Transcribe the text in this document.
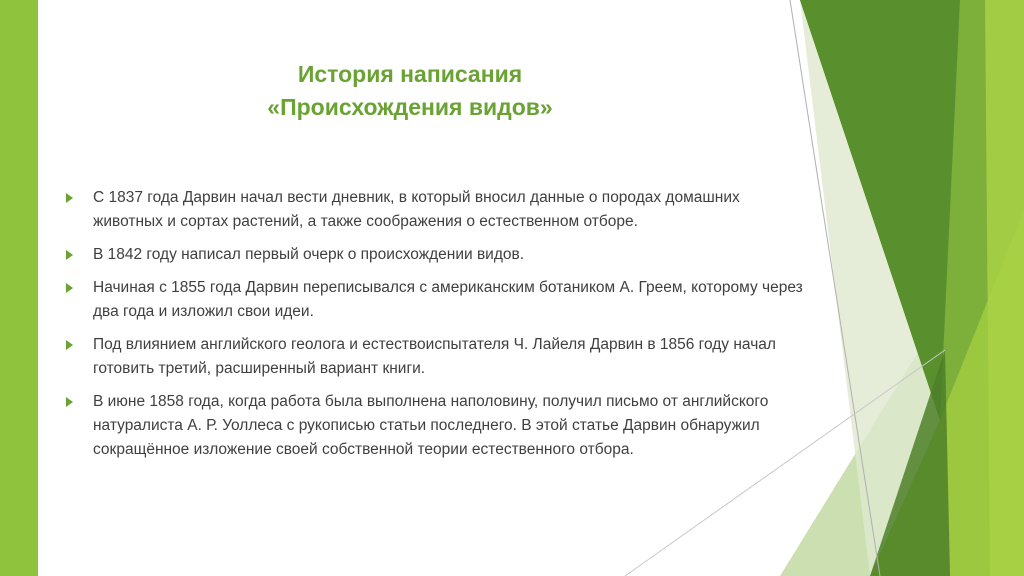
История написания
«Происхождения видов»
С 1837 года Дарвин начал вести дневник, в который вносил данные о породах домашних животных и сортах растений, а также соображения о естественном отборе.
В 1842 году написал первый очерк о происхождении видов.
Начиная с 1855 года Дарвин переписывался с американским ботаником А. Греем, которому через два года и изложил свои идеи.
Под влиянием английского геолога и естествоиспытателя Ч. Лайеля Дарвин в 1856 году начал готовить третий, расширенный вариант книги.
В июне 1858 года, когда работа была выполнена наполовину, получил письмо от английского натуралиста А. Р. Уоллеса с рукописью статьи последнего. В этой статье Дарвин обнаружил сокращённое изложение своей собственной теории естественного отбора.
